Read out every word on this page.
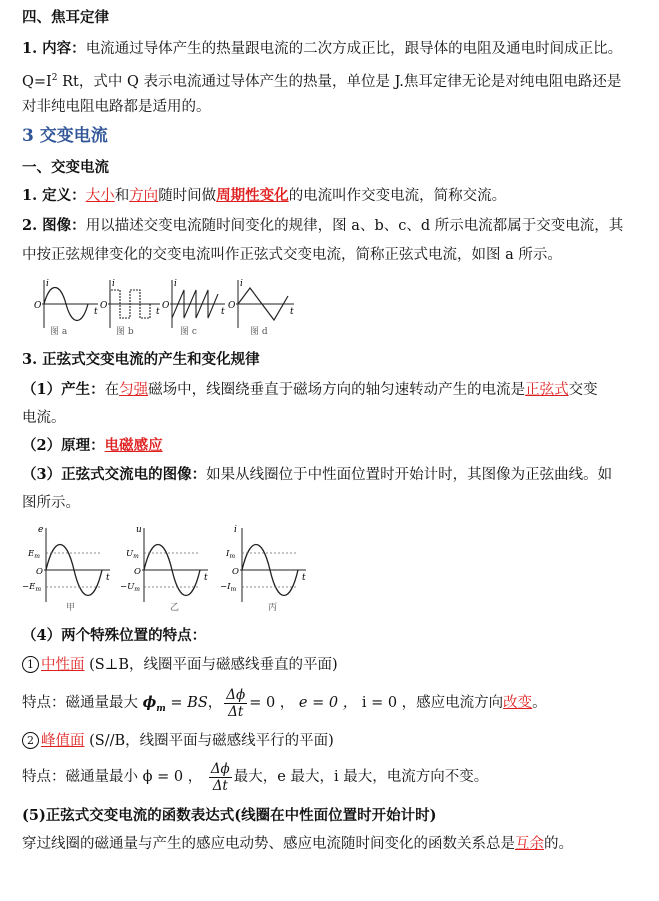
四、焦耳定律
1. 内容：电流通过导体产生的热量跟电流的二次方成正比，跟导体的电阻及通电时间成正比。
$Q=I^2$ Rt，式中 Q 表示电流通过导体产生的热量，单位是 J.焦耳定律无论是对纯电阻电路还是
对非纯电阻电路都是适用的。
3 交变电流
一、交变电流
1. 定义：大小和方向随时间做周期性变化的电流叫作交变电流，简称交流。
2. 图像：用以描述交变电流随时间变化的规律，图 a、b、c、d 所示电流都属于交变电流，其
中按正弦规律变化的交变电流叫作正弦式交变电流，简称正弦式电流，如图 a 所示。
i
O
t
图 a
i
O
t
图 b
i
O
t
图 c
i
O
t
图 d
3. 正弦式交变电流的产生和变化规律
（1）产生：在匀强磁场中，线圈绕垂直于磁场方向的轴匀速转动产生的电流是正弦式交变
电流。
（2）原理：电磁感应
（3）正弦式交流电的图像：如果从线圈位于中性面位置时开始计时，其图像为正弦曲线。如
图所示。
e
$E_m$
O
$-E_m$
t
甲
u
$U_m$
O
$-U_m$
t
乙
i
$I_m$
O
$-I_m$
t
丙
（4）两个特殊位置的特点：
1 中性面 (S⊥B，线圈平面与磁感线垂直的平面)
特点：磁通量最大 $\phi_m$ = BS， $\frac{\Delta\phi}{\Delta t} = 0$ ， e = 0 ， i = 0 ，感应电流方向改变。
2 峰值面 (S//B，线圈平面与磁感线平行的平面)
特点：磁通量最小 ϕ = 0 ， $\frac{\Delta\phi}{\Delta t}$ 最大，e 最大，i 最大，电流方向不变。
(5)正弦式交变电流的函数表达式(线圈在中性面位置时开始计时)
穿过线圈的磁通量与产生的感应电动势、感应电流随时间变化的函数关系总是互余的。
